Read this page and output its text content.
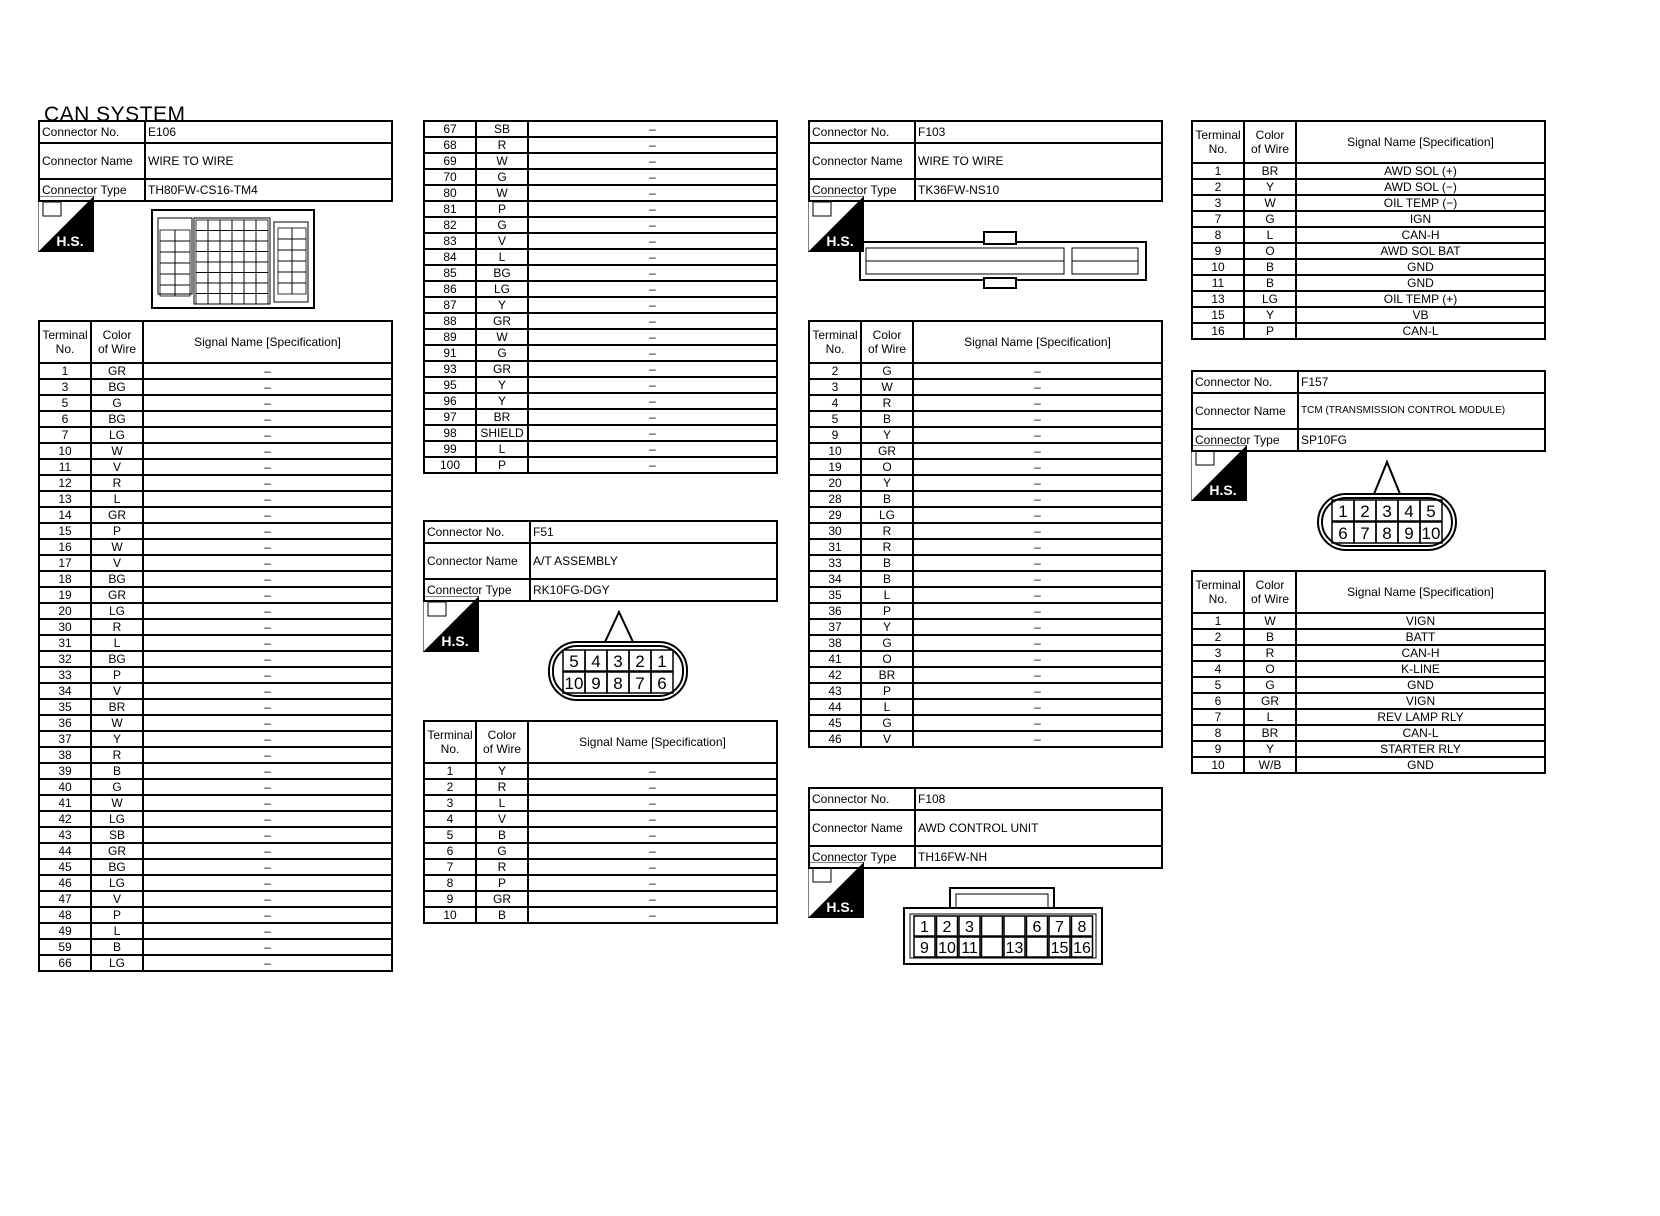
CAN SYSTEM
Connector No.	E106
Connector Name	WIRE TO WIRE
Connector Type	TH80FW-CS16-TM4
H.S.
Terminal
No.	Color
of Wire	Signal Name [Specification]
1	GR	–
3	BG	–
5	G	–
6	BG	–
7	LG	–
10	W	–
11	V	–
12	R	–
13	L	–
14	GR	–
15	P	–
16	W	–
17	V	–
18	BG	–
19	GR	–
20	LG	–
30	R	–
31	L	–
32	BG	–
33	P	–
34	V	–
35	BR	–
36	W	–
37	Y	–
38	R	–
39	B	–
40	G	–
41	W	–
42	LG	–
43	SB	–
44	GR	–
45	BG	–
46	LG	–
47	V	–
48	P	–
49	L	–
59	B	–
66	LG	–
67	SB	–
68	R	–
69	W	–
70	G	–
80	W	–
81	P	–
82	G	–
83	V	–
84	L	–
85	BG	–
86	LG	–
87	Y	–
88	GR	–
89	W	–
91	G	–
93	GR	–
95	Y	–
96	Y	–
97	BR	–
98	SHIELD	–
99	L	–
100	P	–
Connector No.	F51
Connector Name	A/T ASSEMBLY
Connector Type	RK10FG-DGY
H.S.
5 4 3 2 1
10 9 8 7 6
Terminal
No.	Color
of Wire	Signal Name [Specification]
1	Y	–
2	R	–
3	L	–
4	V	–
5	B	–
6	G	–
7	R	–
8	P	–
9	GR	–
10	B	–
Connector No.	F103
Connector Name	WIRE TO WIRE
Connector Type	TK36FW-NS10
H.S.
Terminal
No.	Color
of Wire	Signal Name [Specification]
2	G	–
3	W	–
4	R	–
5	B	–
9	Y	–
10	GR	–
19	O	–
20	Y	–
28	B	–
29	LG	–
30	R	–
31	R	–
33	B	–
34	B	–
35	L	–
36	P	–
37	Y	–
38	G	–
41	O	–
42	BR	–
43	P	–
44	L	–
45	G	–
46	V	–
Connector No.	F108
Connector Name	AWD CONTROL UNIT
Connector Type	TH16FW-NH
H.S.
1 2 3	6 7 8
9 10 11 13 15 16
Terminal
No.	Color
of Wire	Signal Name [Specification]
1	BR	AWD SOL (+)
2	Y	AWD SOL (−)
3	W	OIL TEMP (−)
7	G	IGN
8	L	CAN-H
9	O	AWD SOL BAT
10	B	GND
11	B	GND
13	LG	OIL TEMP (+)
15	Y	VB
16	P	CAN-L
Connector No.	F157
Connector Name	TCM (TRANSMISSION CONTROL MODULE)
Connector Type	SP10FG
H.S.
1 2 3 4 5
6 7 8 9 10
Terminal
No.	Color
of Wire	Signal Name [Specification]
1	W	VIGN
2	B	BATT
3	R	CAN-H
4	O	K-LINE
5	G	GND
6	GR	VIGN
7	L	REV LAMP RLY
8	BR	CAN-L
9	Y	STARTER RLY
10	W/B	GND
